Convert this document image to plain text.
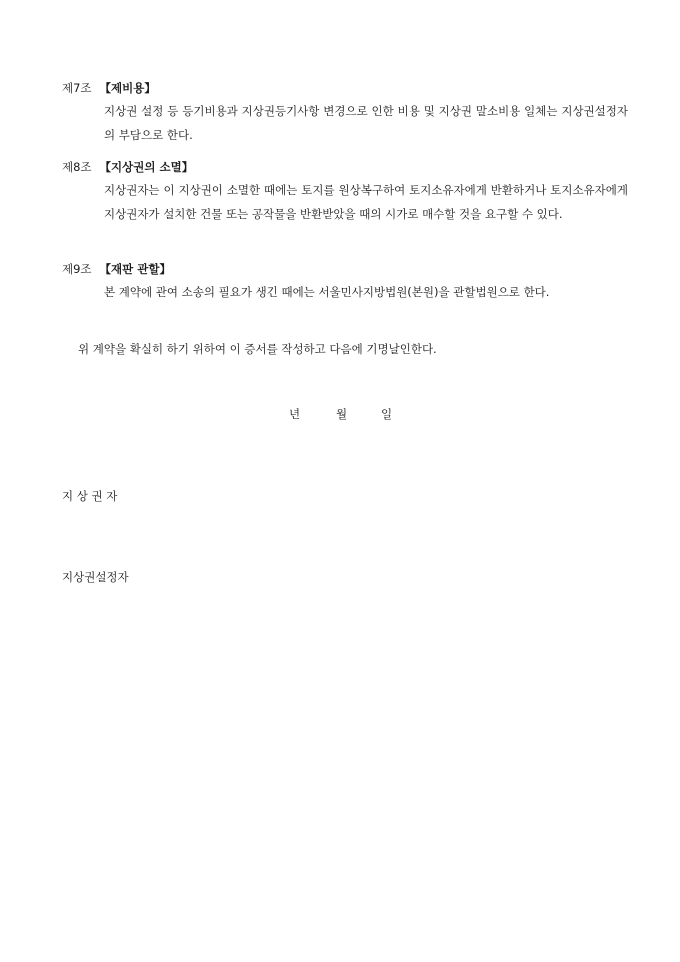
제7조 【제비용】

지상권 설정 등 등기비용과 지상권등기사항 변경으로 인한 비용 및 지상권 말소비용 일체는 지상권설정자의 부담으로 한다.

제8조 【지상권의 소멸】

지상권자는 이 지상권이 소멸한 때에는 토지를 원상복구하여 토지소유자에게 반환하거나 토지소유자에게 지상권자가 설치한 건물 또는 공작물을 반환받았을 때의 시가로 매수할 것을 요구할 수 있다.

제9조 【재판 관할】

본 계약에 관여 소송의 필요가 생긴 때에는 서울민사지방법원(본원)을 관할법원으로 한다.

위 계약을 확실히 하기 위하여 이 증서를 작성하고 다음에 기명날인한다.
년	월	일
지 상 권 자
지상권설정자
